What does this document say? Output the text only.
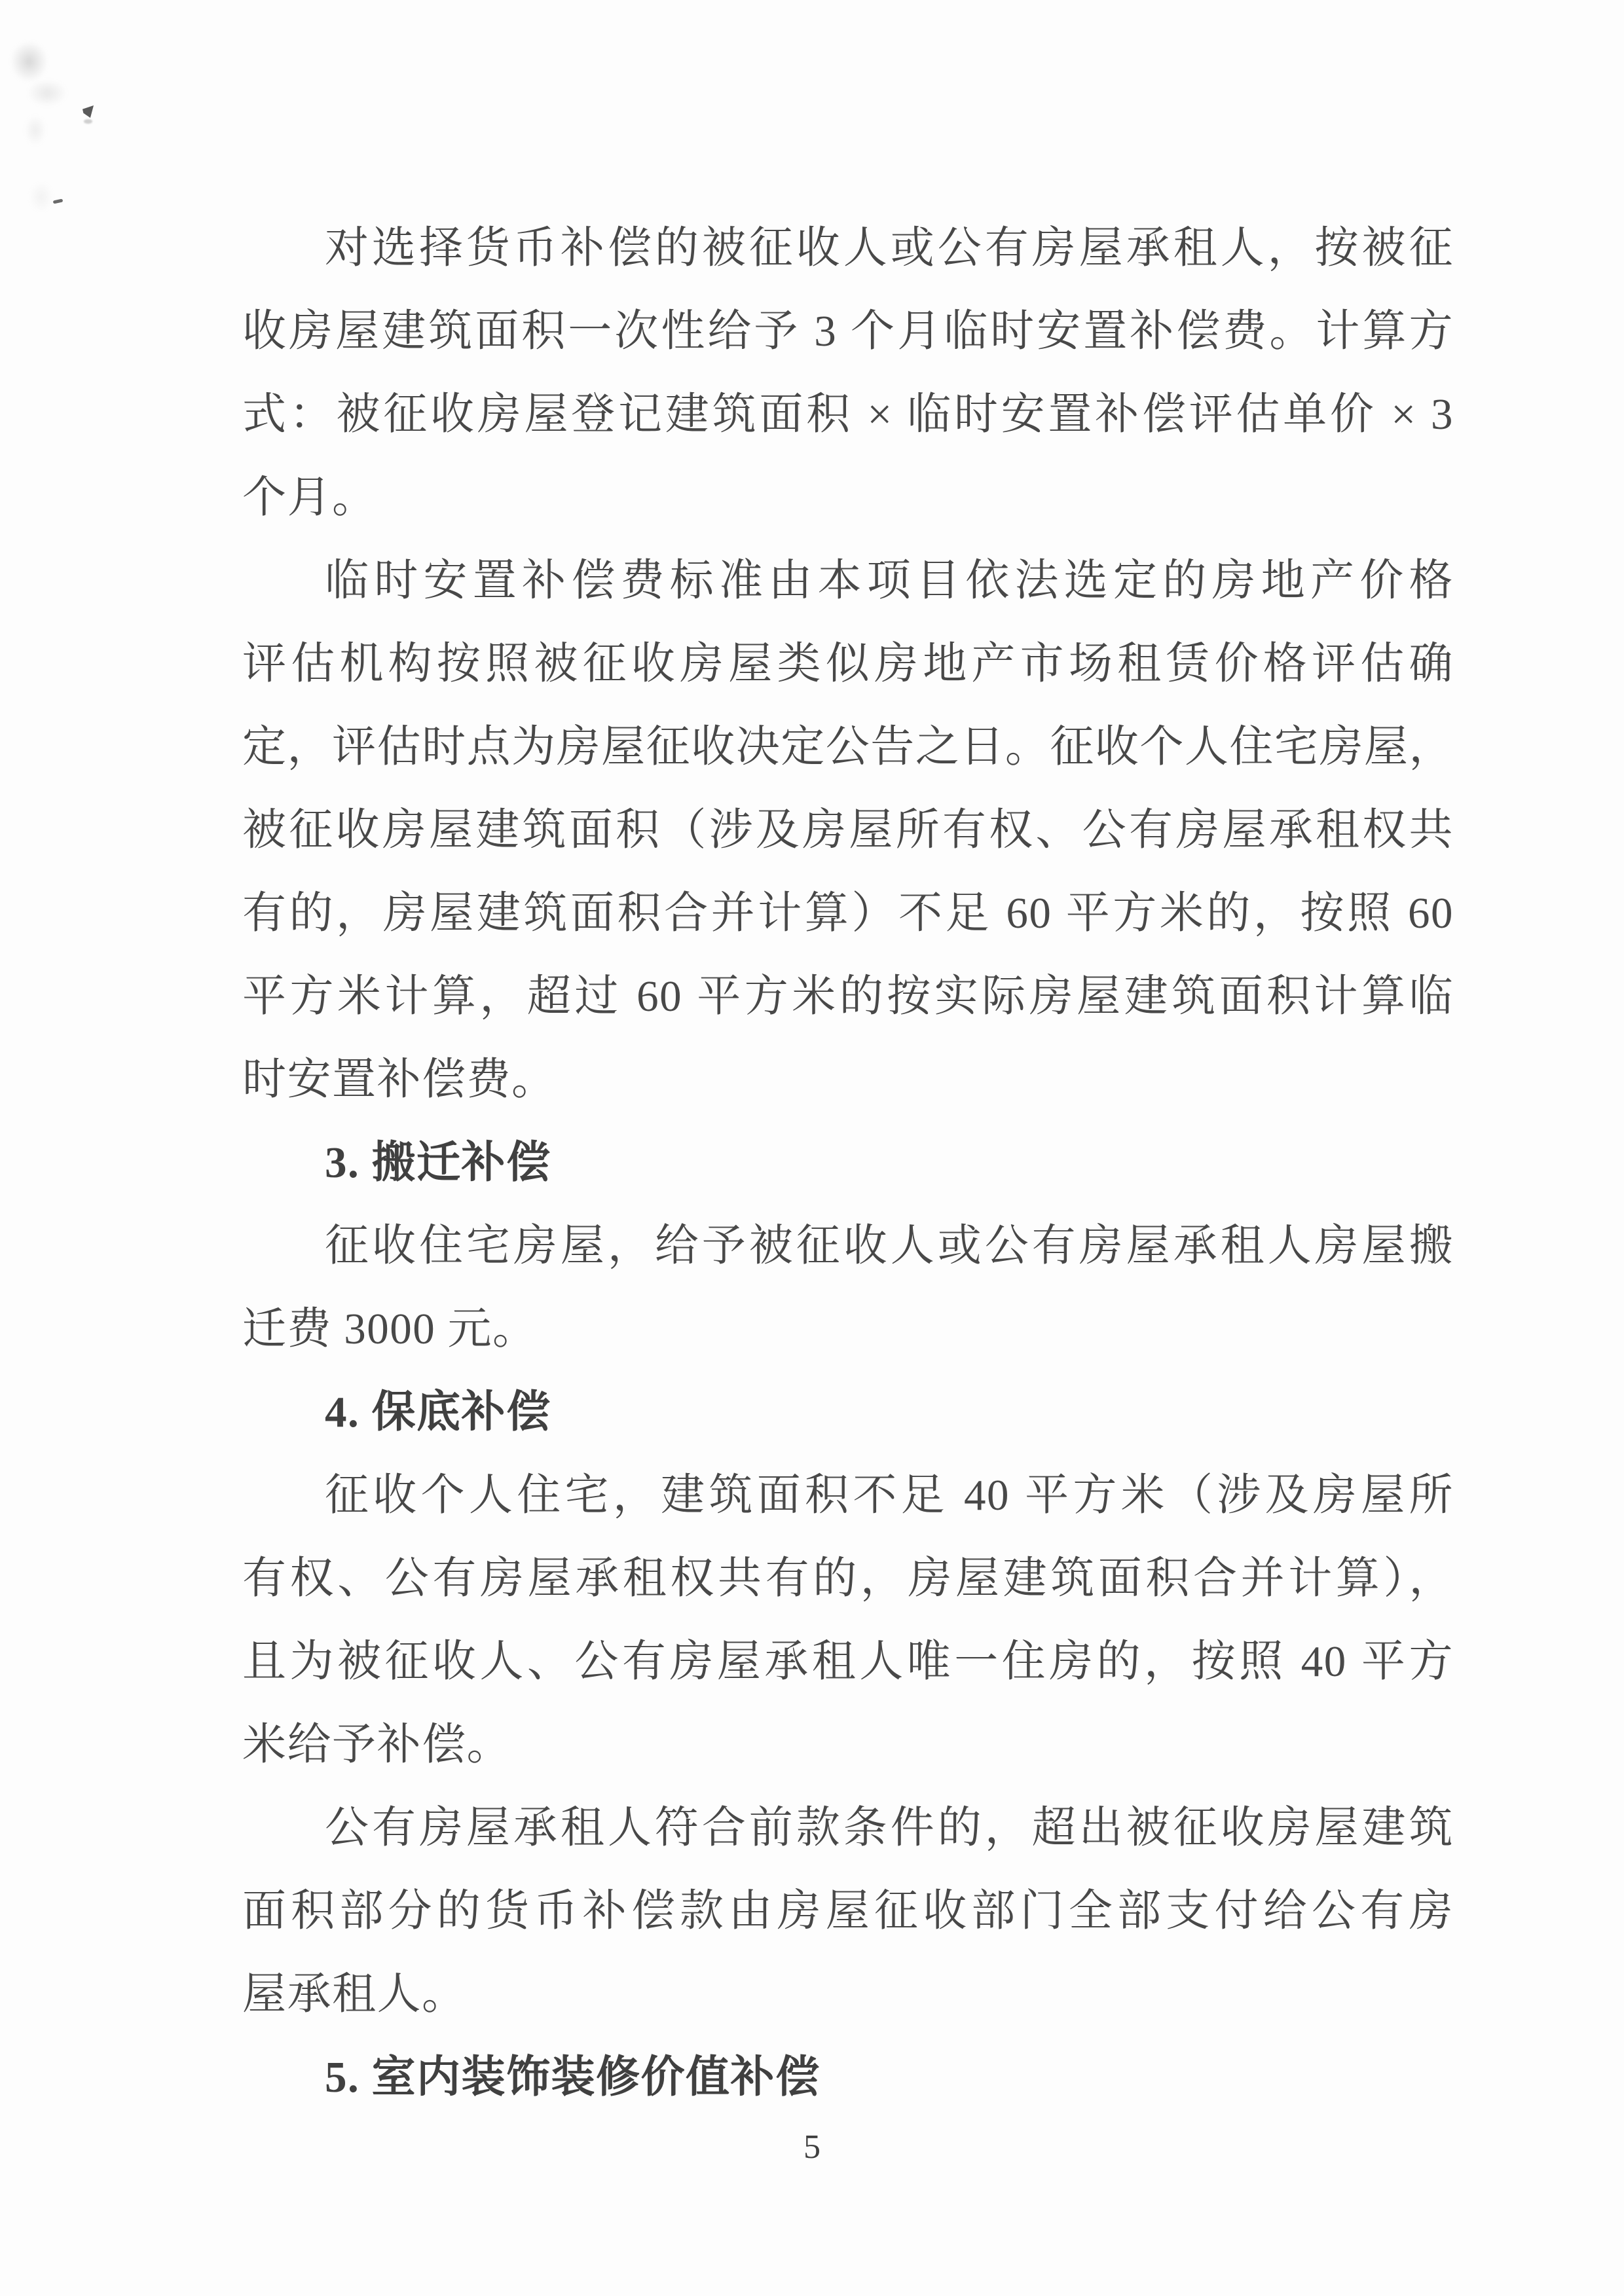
对选择货币补偿的被征收人或公有房屋承租人，按被征

收房屋建筑面积一次性给予 3 个月临时安置补偿费。计算方

式：被征收房屋登记建筑面积 × 临时安置补偿评估单价 × 3

个月。

临时安置补偿费标准由本项目依法选定的房地产价格

评估机构按照被征收房屋类似房地产市场租赁价格评估确

定，评估时点为房屋征收决定公告之日。征收个人住宅房屋，

被征收房屋建筑面积（涉及房屋所有权、公有房屋承租权共

有的，房屋建筑面积合并计算）不足 60 平方米的，按照 60

平方米计算，超过 60 平方米的按实际房屋建筑面积计算临

时安置补偿费。

3. 搬迁补偿

征收住宅房屋，给予被征收人或公有房屋承租人房屋搬

迁费 3000 元。

4. 保底补偿

征收个人住宅，建筑面积不足 40 平方米（涉及房屋所

有权、公有房屋承租权共有的，房屋建筑面积合并计算），

且为被征收人、公有房屋承租人唯一住房的，按照 40 平方

米给予补偿。

公有房屋承租人符合前款条件的，超出被征收房屋建筑

面积部分的货币补偿款由房屋征收部门全部支付给公有房

屋承租人。

5. 室内装饰装修价值补偿

5
